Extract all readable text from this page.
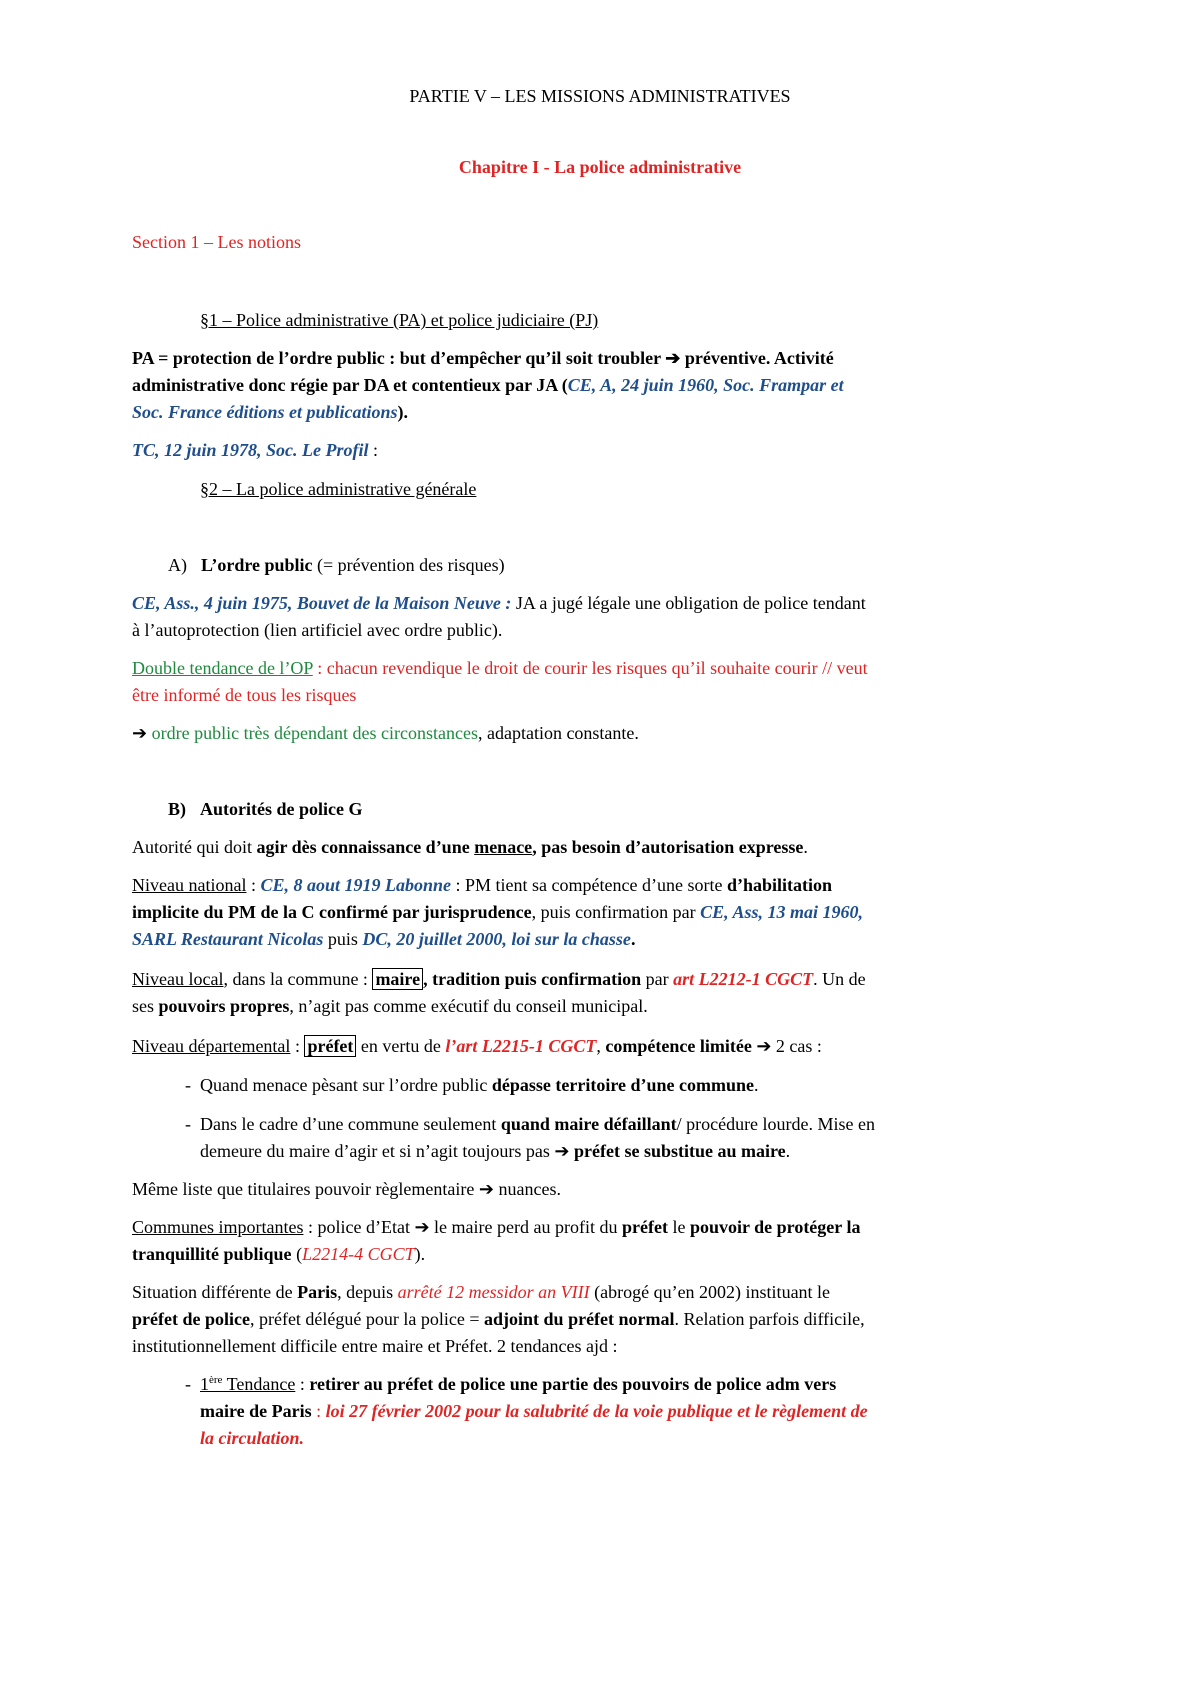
PARTIE V – LES MISSIONS ADMINISTRATIVES
Chapitre I - La police administrative
Section 1 – Les notions
§1 – Police administrative (PA) et police judiciaire (PJ)
PA = protection de l’ordre public : but d’empêcher qu’il soit troubler ➔ préventive. Activité
administrative donc régie par DA et contentieux par JA (CE, A, 24 juin 1960, Soc. Frampar et
Soc. France éditions et publications).
TC, 12 juin 1978, Soc. Le Profil :
§2 – La police administrative générale
A) L’ordre public (= prévention des risques)
CE, Ass., 4 juin 1975, Bouvet de la Maison Neuve : JA a jugé légale une obligation de police tendant
à l’autoprotection (lien artificiel avec ordre public).
Double tendance de l’OP : chacun revendique le droit de courir les risques qu’il souhaite courir // veut
être informé de tous les risques
➔ ordre public très dépendant des circonstances, adaptation constante.
B) Autorités de police G
Autorité qui doit agir dès connaissance d’une menace, pas besoin d’autorisation expresse.
Niveau national : CE, 8 aout 1919 Labonne : PM tient sa compétence d’une sorte d’habilitation
implicite du PM de la C confirmé par jurisprudence, puis confirmation par CE, Ass, 13 mai 1960,
SARL Restaurant Nicolas puis DC, 20 juillet 2000, loi sur la chasse.
Niveau local, dans la commune : maire , tradition puis confirmation par art L2212-1 CGCT. Un de
ses pouvoirs propres, n’agit pas comme exécutif du conseil municipal.
Niveau départemental : préfet en vertu de l’art L2215-1 CGCT, compétence limitée ➔ 2 cas :
- Quand menace pèsant sur l’ordre public dépasse territoire d’une commune.
- Dans le cadre d’une commune seulement quand maire défaillant/ procédure lourde. Mise en
demeure du maire d’agir et si n’agit toujours pas ➔ préfet se substitue au maire.
Même liste que titulaires pouvoir règlementaire ➔ nuances.
Communes importantes : police d’Etat ➔ le maire perd au profit du préfet le pouvoir de protéger la
tranquillité publique (L2214-4 CGCT).
Situation différente de Paris, depuis arrêté 12 messidor an VIII (abrogé qu’en 2002) instituant le
préfet de police, préfet délégué pour la police = adjoint du préfet normal. Relation parfois difficile,
institutionnellement difficile entre maire et Préfet. 2 tendances ajd :
- 1ère Tendance : retirer au préfet de police une partie des pouvoirs de police adm vers
maire de Paris : loi 27 février 2002 pour la salubrité de la voie publique et le règlement de
la circulation.
